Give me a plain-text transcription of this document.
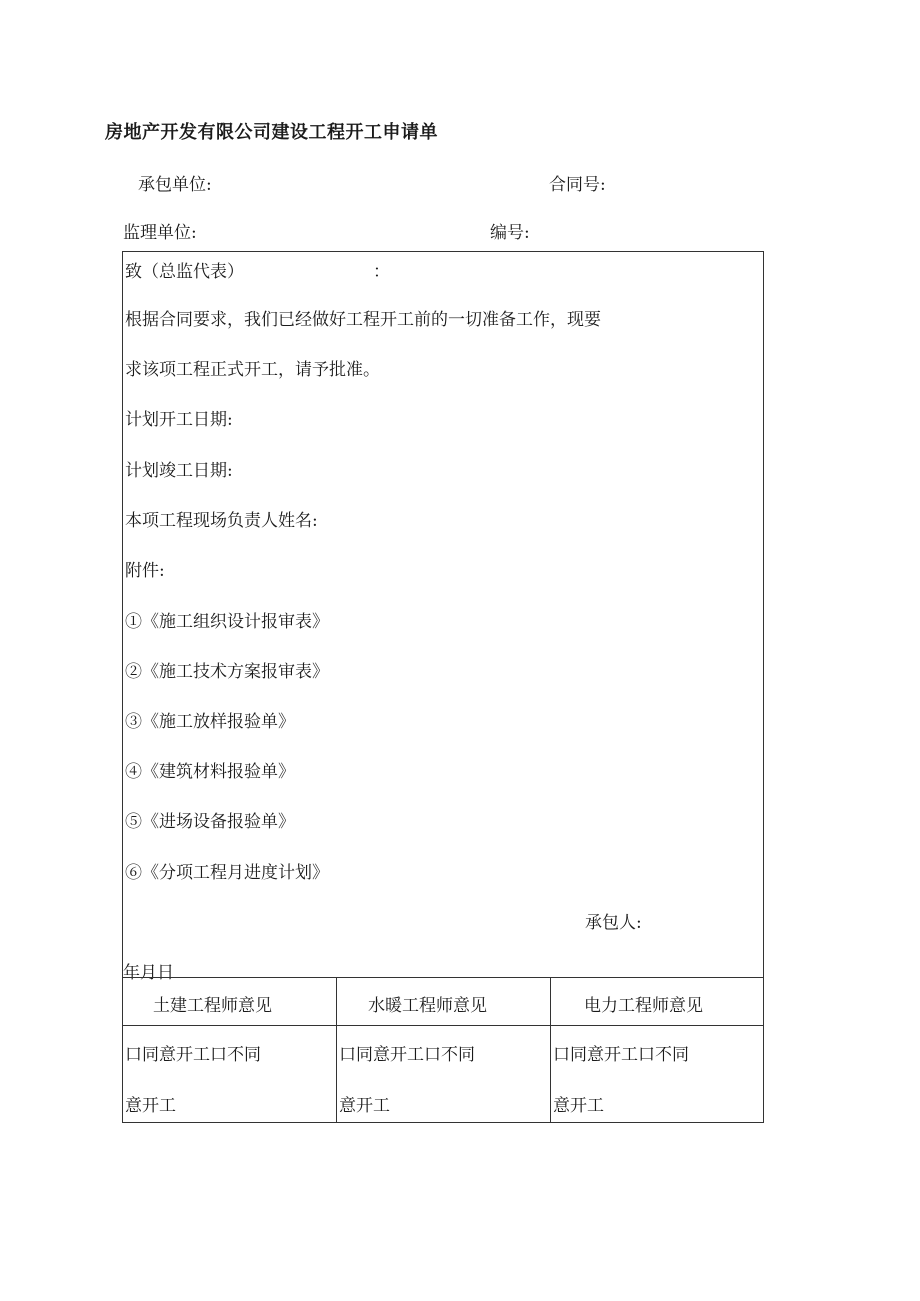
房地产开发有限公司建设工程开工申请单
承包单位:	合同号:
监理单位:	编号:
致（总监代表）	：
根据合同要求，我们已经做好工程开工前的一切准备工作，现要
求该项工程正式开工，请予批准。
计划开工日期:
计划竣工日期:
本项工程现场负责人姓名:
附件:
①《施工组织设计报审表》
②《施工技术方案报审表》
③《施工放样报验单》
④《建筑材料报验单》
⑤《进场设备报验单》
⑥《分项工程月进度计划》
承包人:
年月日
土建工程师意见	水暖工程师意见	电力工程师意见
口同意开工口不同	口同意开工口不同	口同意开工口不同
意开工	意开工	意开工
